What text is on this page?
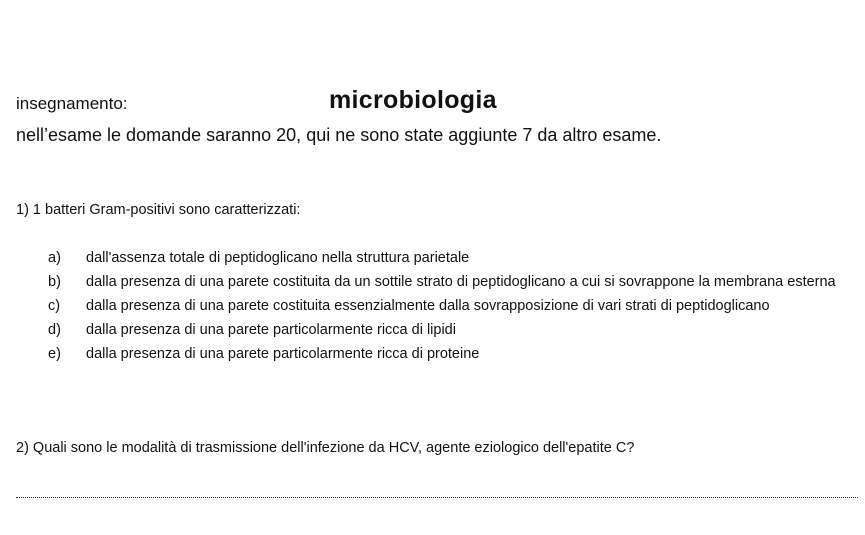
insegnamento:	microbiologia
nell’esame le domande saranno 20, qui ne sono state aggiunte 7 da altro esame.
1) 1 batteri Gram-positivi sono caratterizzati:
a)	dall'assenza totale di peptidoglicano nella struttura parietale
b)	dalla presenza di una parete costituita da un sottile strato di peptidoglicano a cui si sovrappone la membrana esterna
c)	dalla presenza di una parete costituita essenzialmente dalla sovrapposizione di vari strati di peptidoglicano
d)	dalla presenza di una parete particolarmente ricca di lipidi
e)	dalla presenza di una parete particolarmente ricca di proteine
2) Quali sono le modalità di trasmissione dell'infezione da HCV, agente eziologico dell'epatite C?
